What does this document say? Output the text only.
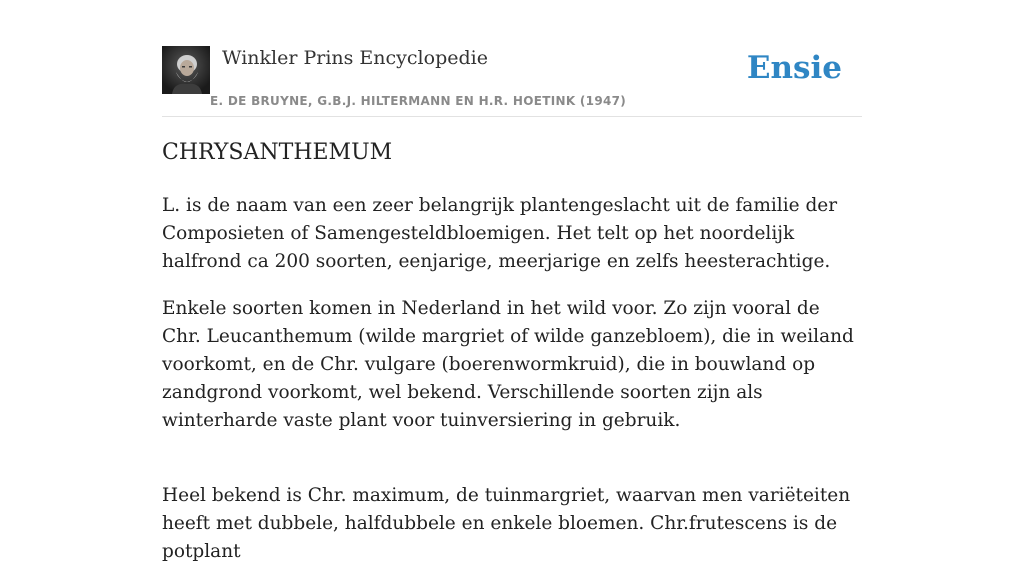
Winkler Prins Encyclopedie
E. DE BRUYNE, G.B.J. HILTERMANN EN H.R. HOETINK (1947)
Ensie
CHRYSANTHEMUM

L. is de naam van een zeer belangrijk plantengeslacht uit de familie der Composieten of Samengesteldbloemigen. Het telt op het noordelijk halfrond ca 200 soorten, eenjarige, meerjarige en zelfs heesterachtige.

Enkele soorten komen in Nederland in het wild voor. Zo zijn vooral de Chr. Leucanthemum (wilde margriet of wilde ganzebloem), die in weiland voorkomt, en de Chr. vulgare (boerenwormkruid), die in bouwland op zandgrond voorkomt, wel bekend. Verschillende soorten zijn als winterharde vaste plant voor tuinversiering in gebruik.

Heel bekend is Chr. maximum, de tuinmargriet, waarvan men variëteiten heeft met dubbele, halfdubbele en enkele bloemen. Chr.frutescens is de potplant
